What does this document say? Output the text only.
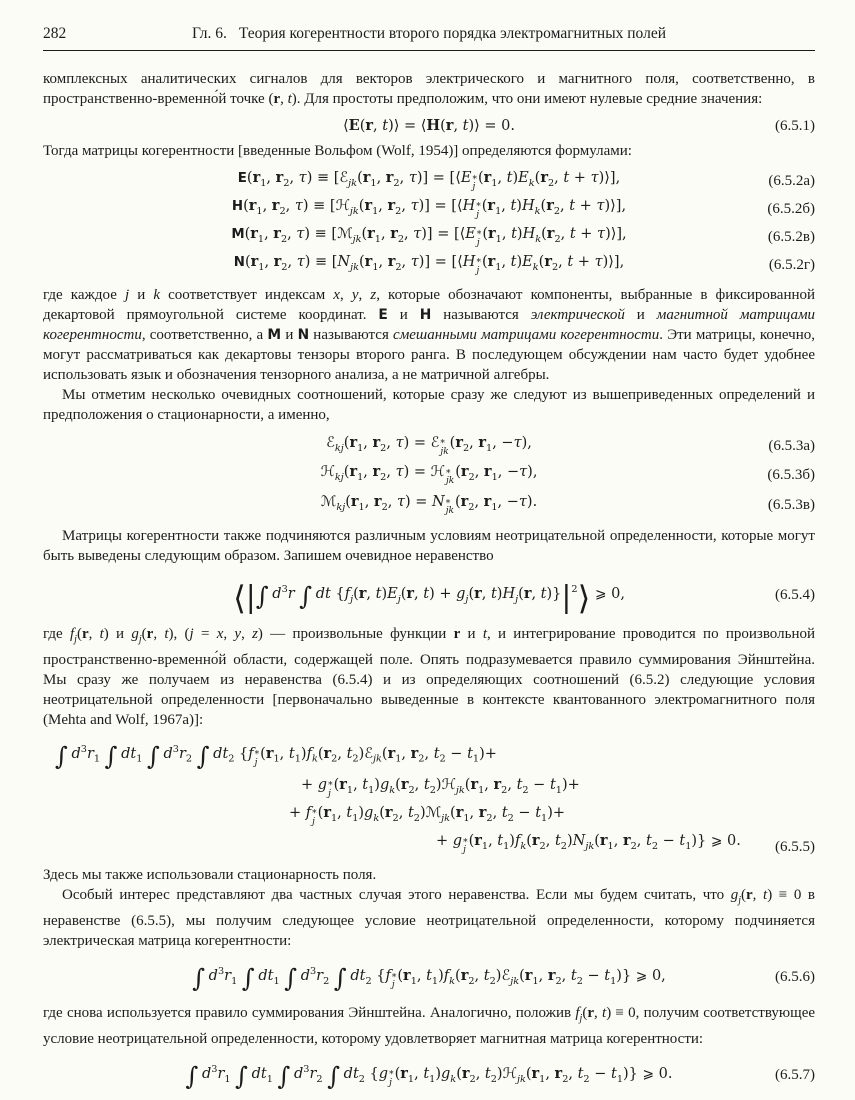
282	Гл. 6. Теория когерентности второго порядка электромагнитных полей

комплексных аналитических сигналов для векторов электрического и магнитного поля, соответственно, в пространственно-временно́й точке (r, t). Для простоты предположим, что они имеют нулевые средние значения:

⟨E(r, t)⟩ = ⟨H(r, t)⟩ = 0.	(6.5.1)

Тогда матрицы когерентности [введенные Вольфом (Wolf, 1954)] определяются формулами:

$E(r_1$, $r_2$, $\tau) \equiv [ℰ_{jk}(r_1$, $r_2$, τ)] = [⟨E *
j
($r_1$, $t)E_k(r_2$, t + τ)⟩],	(6.5.2а)
$H(r_1$, $r_2$, $\tau) \equiv [ℋ_{jk}(r_1$, $r_2$, τ)] = [⟨H *
j
($r_1$, $t)H_k(r_2$, t + τ)⟩],	(6.5.2б)
$M(r_1$, $r_2$, $\tau) \equiv [ℳ_{jk}(r_1$, $r_2$, τ)] = [⟨E *
j
($r_1$, $t)H_k(r_2$, t + τ)⟩],	(6.5.2в)
$N(r_1$, $r_2$, $\tau) \equiv [N_{jk}(r_1$, $r_2$, τ)] = [⟨H *
j
($r_1$, $t)E_k(r_2$, t + τ)⟩],	(6.5.2г)

где каждое j и k соответствует индексам x, y, z, которые обозначают компоненты, выбранные в фиксированной декартовой прямоугольной системе координат. E и H называются электрической и магнитной матрицами когерентности, соответственно, а M и N называются смешанными матрицами когерентности. Эти матрицы, конечно, могут рассматриваться как декартовы тензоры второго ранга. В последующем обсуждении нам часто будет удобнее использовать язык и обозначения тензорного анализа, а не матричной алгебры.

Мы отметим несколько очевидных соотношений, которые сразу же следуют из вышеприведенных определений и предположения о стационарности, а именно,

$ℰ_{kj}(r_1$, $r_2$, τ) = ℰ *
jk
($r_2$, $r_1$, −τ),	(6.5.3а)
$ℋ_{kj}(r_1$, $r_2$, τ) = ℋ *
jk
($r_2$, $r_1$, −τ),	(6.5.3б)
$ℳ_{kj}(r_1$, $r_2$, τ) = N *
jk
($r_2$, $r_1$, −τ).	(6.5.3в)

Матрицы когерентности также подчиняются различным условиям неотрицательной определенности, которые могут быть выведены следующим образом. Запишем очевидное неравенство

⟨|∫ $d^3r$ ∫ dt {$f_j(r$, $t)E_j(r$, $t) + g_j(r$, $t)H_j(r$, $t)\}|^2⟩$ ⩾ 0,	(6.5.4)

где $f_j(r$, t) и $g_j(r$, t), (j = x, y, z) — произвольные функции r и t, и интегрирование проводится по произвольной пространственно-временно́й области, содержащей поле. Опять подразумевается правило суммирования Эйнштейна. Мы сразу же получаем из неравенства (6.5.4) и из определяющих соотношений (6.5.2) следующие условия неотрицательной определенности [первоначально выведенные в контексте квантованного электромагнитного поля (Mehta and Wolf, 1967a)]:

∫ $d^3r_1$ ∫ $dt_1$ ∫ $d^3r_2$ ∫ $dt_2$ {f *
j
($r_1$, $t_1)f_k(r_2$, $t_2)ℰ_{jk}(r_1$, $r_2$, $t_2 - t_1)+$
+ g *
j
($r_1$, $t_1)g_k(r_2$, $t_2)ℋ_{jk}(r_1$, $r_2$, $t_2 - t_1)+$
+ f *
j
($r_1$, $t_1)g_k(r_2$, $t_2)ℳ_{jk}(r_1$, $r_2$, $t_2 - t_1)+$
+ g *
j
($r_1$, $t_1)f_k(r_2$, $t_2)N_{jk}(r_1$, $r_2$, $t_2 - t_1$)} ⩾ 0.	(6.5.5)

Здесь мы также использовали стационарность поля.

Особый интерес представляют два частных случая этого неравенства. Если мы будем считать, что $g_j(r$, t) ≡ 0 в неравенстве (6.5.5), мы получим следующее условие неотрицательной определенности, которому подчиняется электрическая матрица когерентности:

∫ $d^3r_1$ ∫ $dt_1$ ∫ $d^3r_2$ ∫ $dt_2$ {f *
j
($r_1$, $t_1)f_k(r_2$, $t_2)ℰ_{jk}(r_1$, $r_2$, $t_2 - t_1$)} ⩾ 0,	(6.5.6)

где снова используется правило суммирования Эйнштейна. Аналогично, положив $f_j(r$, t) ≡ 0, получим соответствующее условие неотрицательной определенности, которому удовлетворяет магнитная матрица когерентности:

∫ $d^3r_1$ ∫ $dt_1$ ∫ $d^3r_2$ ∫ $dt_2$ {g *
j
($r_1$, $t_1)g_k(r_2$, $t_2)ℋ_{jk}(r_1$, $r_2$, $t_2 - t_1$)} ⩾ 0.	(6.5.7)
